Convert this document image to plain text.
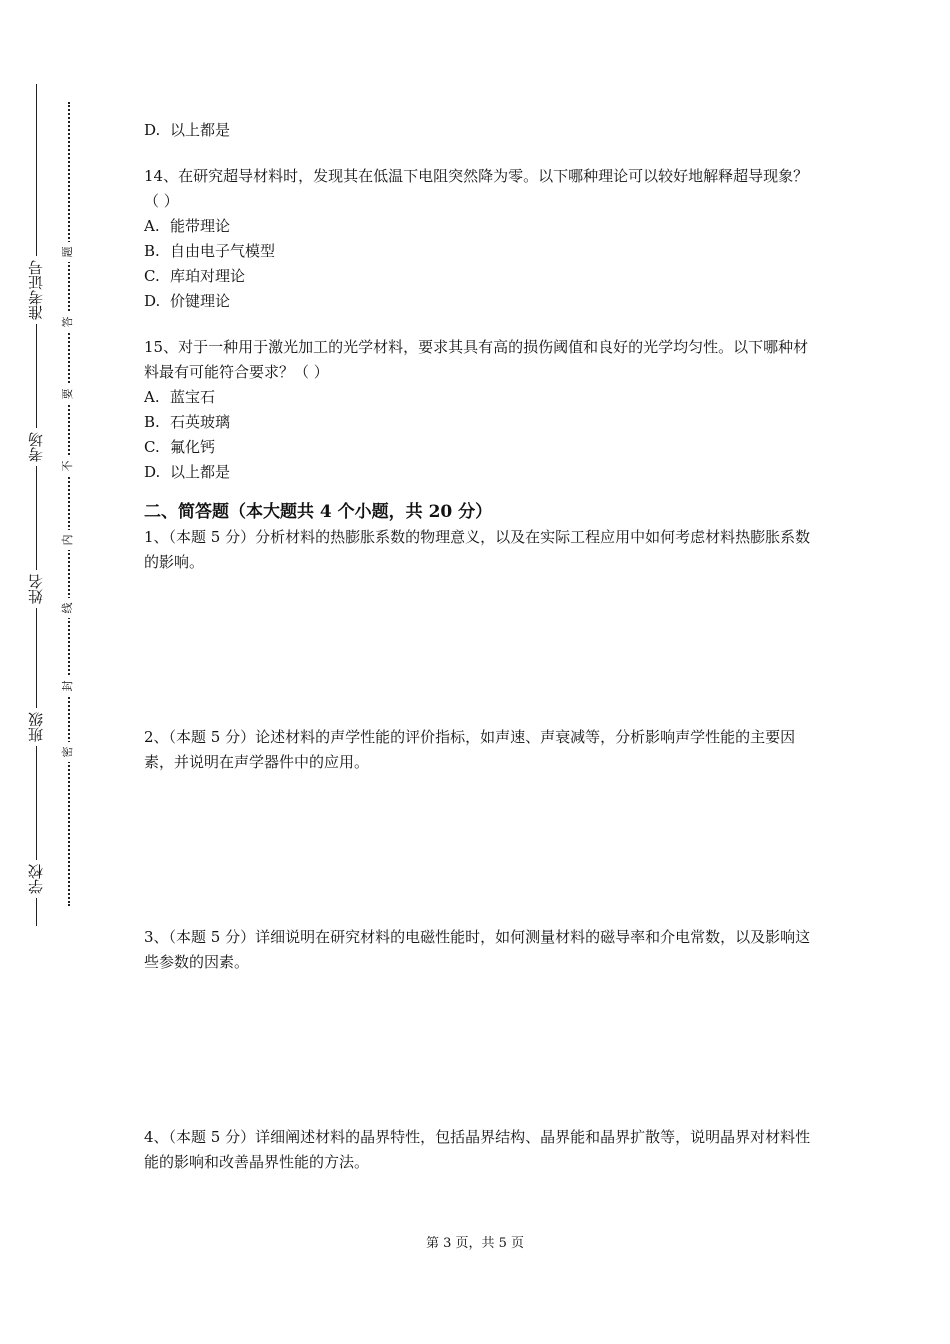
学校
班级
姓名
考场
准考证号
密
封
线
内
不
要
答
题

D. 以上都是

14、在研究超导材料时，发现其在低温下电阻突然降为零。以下哪种理论可以较好地解释超导现象？（ ）

A. 能带理论

B. 自由电子气模型

C. 库珀对理论

D. 价键理论

15、对于一种用于激光加工的光学材料，要求其具有高的损伤阈值和良好的光学均匀性。以下哪种材料最有可能符合要求？（ ）

A. 蓝宝石

B. 石英玻璃

C. 氟化钙

D. 以上都是

二、简答题（本大题共 4 个小题，共 20 分）

1、（本题 5 分）分析材料的热膨胀系数的物理意义，以及在实际工程应用中如何考虑材料热膨胀系数的影响。

2、（本题 5 分）论述材料的声学性能的评价指标，如声速、声衰减等，分析影响声学性能的主要因素，并说明在声学器件中的应用。

3、（本题 5 分）详细说明在研究材料的电磁性能时，如何测量材料的磁导率和介电常数，以及影响这些参数的因素。

4、（本题 5 分）详细阐述材料的晶界特性，包括晶界结构、晶界能和晶界扩散等，说明晶界对材料性能的影响和改善晶界性能的方法。

第 3 页，共 5 页
